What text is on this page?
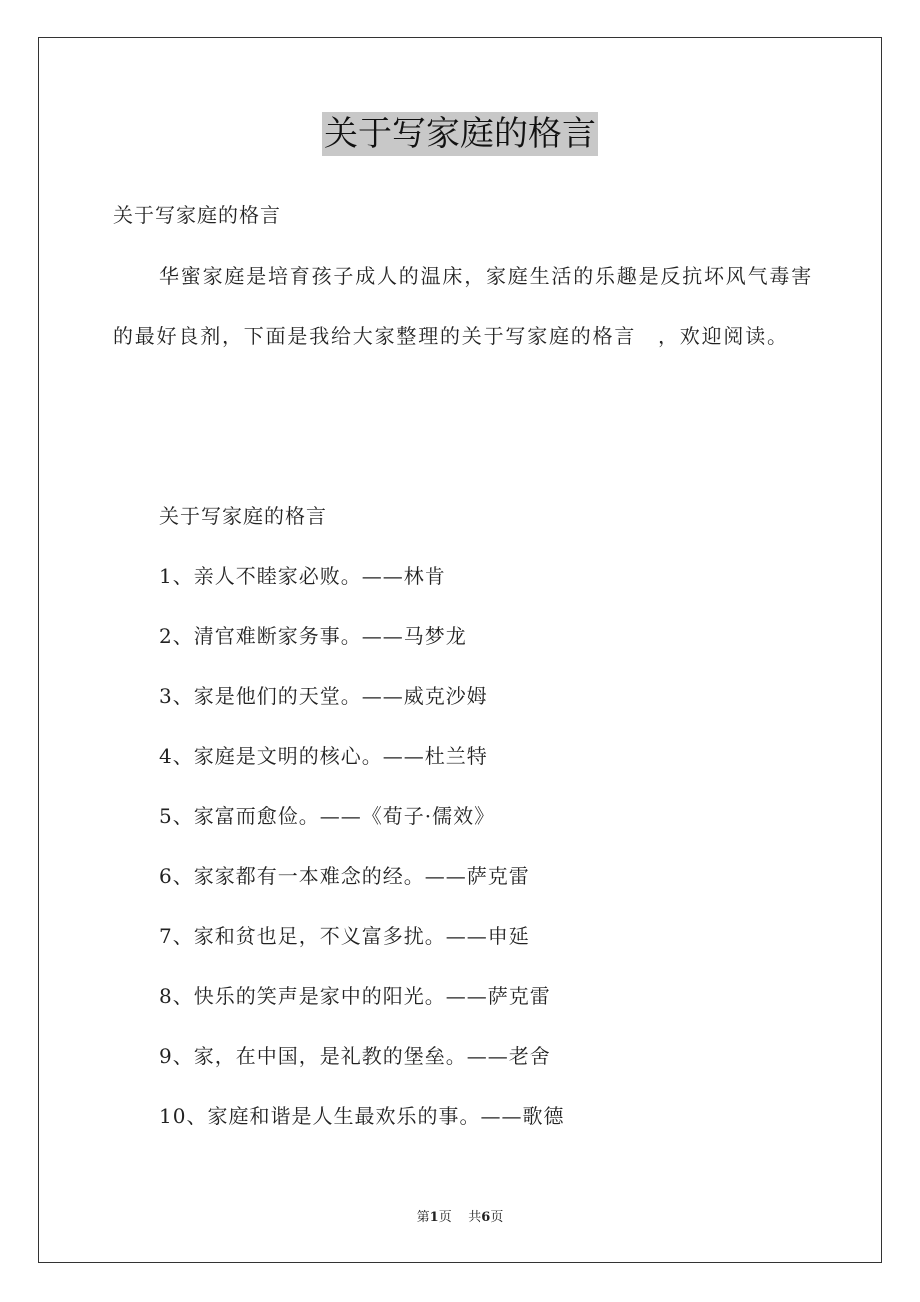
关于写家庭的格言
关于写家庭的格言

华蜜家庭是培育孩子成人的温床，家庭生活的乐趣是反抗坏风气毒害的最好良剂，下面是我给大家整理的关于写家庭的格言　，欢迎阅读。

关于写家庭的格言
1、亲人不睦家必败。——林肯
2、清官难断家务事。——马梦龙
3、家是他们的天堂。——威克沙姆
4、家庭是文明的核心。——杜兰特
5、家富而愈俭。——《荀子·儒效》
6、家家都有一本难念的经。——萨克雷
7、家和贫也足，不义富多扰。——申延
8、快乐的笑声是家中的阳光。——萨克雷
9、家，在中国，是礼教的堡垒。——老舍
10、家庭和谐是人生最欢乐的事。——歌德
第1页 共6页
